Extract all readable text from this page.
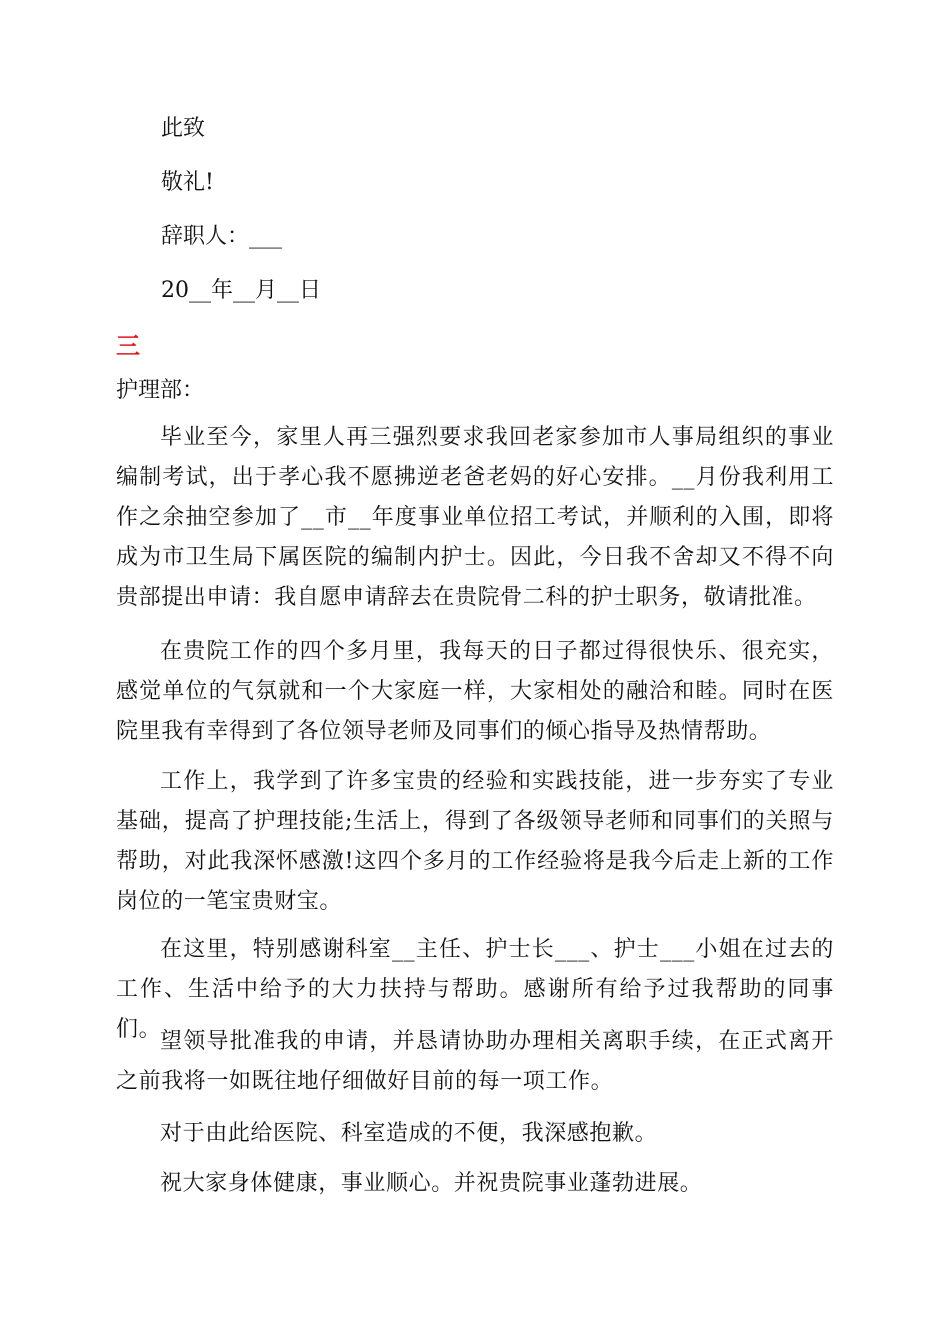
此致
敬礼!
辞职人：___
20__年__月__日
三
护理部：
毕业至今，家里人再三强烈要求我回老家参加市人事局组织的事业编制考试，出于孝心我不愿拂逆老爸老妈的好心安排。__月份我利用工作之余抽空参加了__市__年度事业单位招工考试，并顺利的入围，即将成为市卫生局下属医院的编制内护士。因此，今日我不舍却又不得不向贵部提出申请：我自愿申请辞去在贵院骨二科的护士职务，敬请批准。
在贵院工作的四个多月里，我每天的日子都过得很快乐、很充实，感觉单位的气氛就和一个大家庭一样，大家相处的融洽和睦。同时在医院里我有幸得到了各位领导老师及同事们的倾心指导及热情帮助。
工作上，我学到了许多宝贵的经验和实践技能，进一步夯实了专业基础，提高了护理技能;生活上，得到了各级领导老师和同事们的关照与帮助，对此我深怀感激!这四个多月的工作经验将是我今后走上新的工作岗位的一笔宝贵财宝。
在这里，特别感谢科室__主任、护士长___、护士___小姐在过去的工作、生活中给予的大力扶持与帮助。感谢所有给予过我帮助的同事们。
望领导批准我的申请，并恳请协助办理相关离职手续，在正式离开之前我将一如既往地仔细做好目前的每一项工作。
对于由此给医院、科室造成的不便，我深感抱歉。
祝大家身体健康，事业顺心。并祝贵院事业蓬勃进展。
